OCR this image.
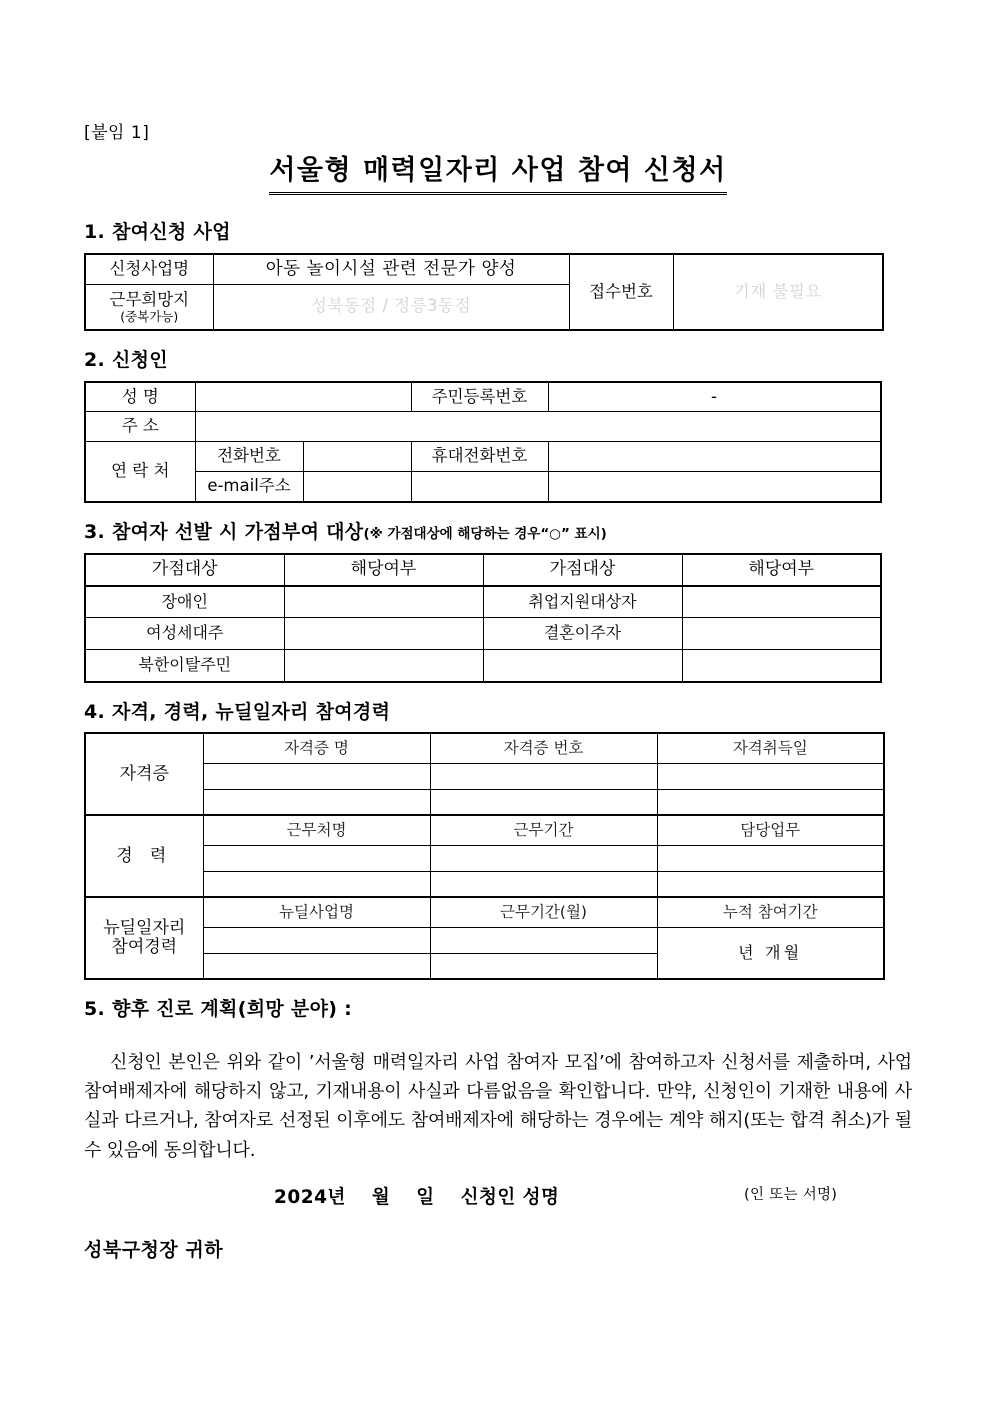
[붙임 1]
서울형 매력일자리 사업 참여 신청서
1. 참여신청 사업
신청사업명	아동 놀이시설 관련 전문가 양성	접수번호	기재 불필요
근무희망지
(중복가능)	성북동점 / 정릉3동점		
2. 신청인
성 명			주민등록번호	-
주 소				
연 락 처	전화번호		휴대전화번호	
	e-mail주소			
3. 참여자 선발 시 가점부여 대상(※ 가점대상에 해당하는 경우“○” 표시)
가점대상	해당여부	가점대상	해당여부
장애인		취업지원대상자	
여성세대주		결혼이주자	
북한이탈주민			
4. 자격, 경력, 뉴딜일자리 참여경력
자격증	자격증 명	자격증 번호	자격취득일

경 력	근무처명	근무기간	담당업무

뉴딜일자리
참여경력	뉴딜사업명	근무기간(월)	누적 참여기간
			년 개월

5. 향후 진로 계획(희망 분야) :

신청인 본인은 위와 같이 ’서울형 매력일자리 사업 참여자 모집’에 참여하고자 신청서를 제출하며, 사업 참여배제자에 해당하지 않고, 기재내용이 사실과 다름없음을 확인합니다. 만약, 신청인이 기재한 내용에 사실과 다르거나, 참여자로 선정된 이후에도 참여배제자에 해당하는 경우에는 계약 해지(또는 합격 취소)가 될 수 있음에 동의합니다.

2024년 월 일 신청인 성명	(인 또는 서명)
성북구청장 귀하
